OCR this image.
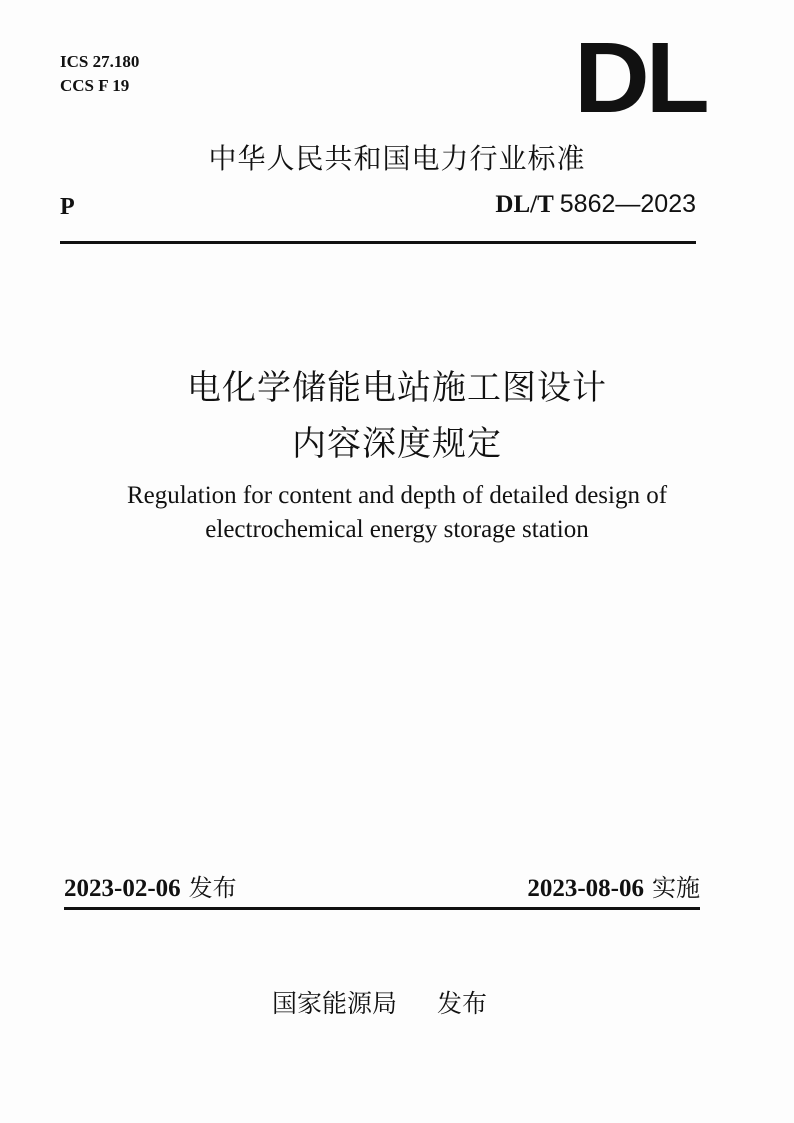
ICS 27.180
CCS F 19	DL
中华人民共和国电力行业标准
P	DL/T 5862—2023
电化学储能电站施工图设计
内容深度规定
Regulation for content and depth of detailed design of
electrochemical energy storage station
2023-02-06 发布	2023-08-06 实施
国家能源局 发布
